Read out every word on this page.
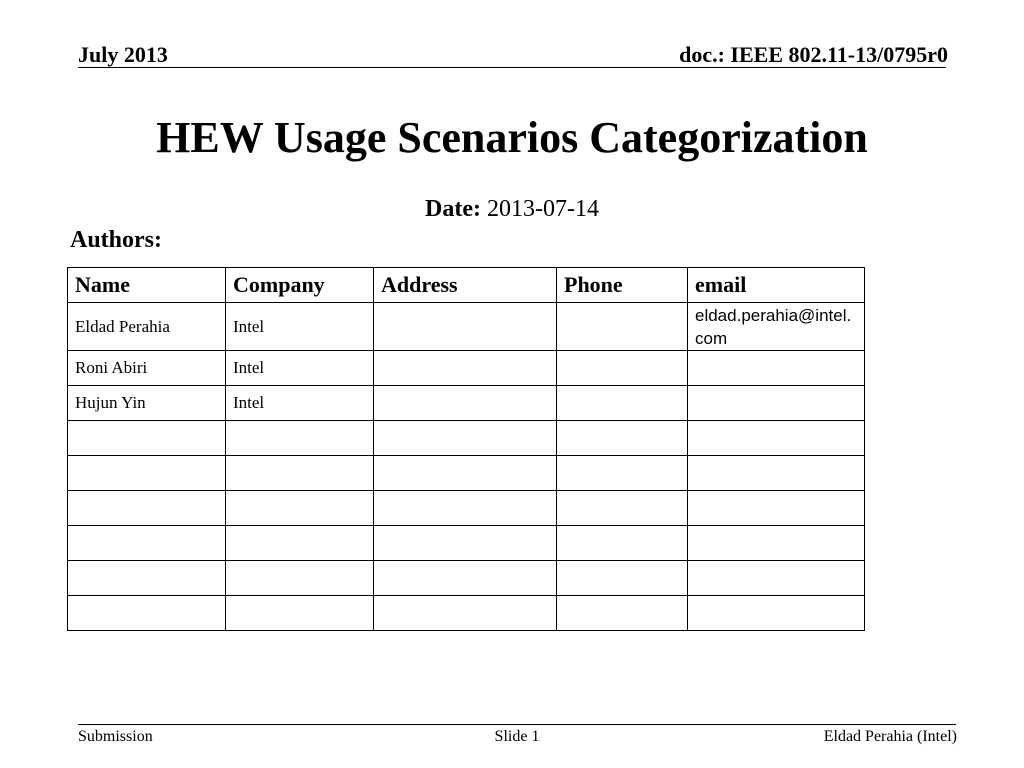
July 2013	doc.: IEEE 802.11-13/0795r0
HEW Usage Scenarios Categorization
Date: 2013-07-14
Authors:
Name	Company	Address	Phone	email
Eldad Perahia	Intel			eldad.perahia@intel.com
Roni Abiri	Intel			
Hujun Yin	Intel			

Submission	Slide 1	Eldad Perahia (Intel)
